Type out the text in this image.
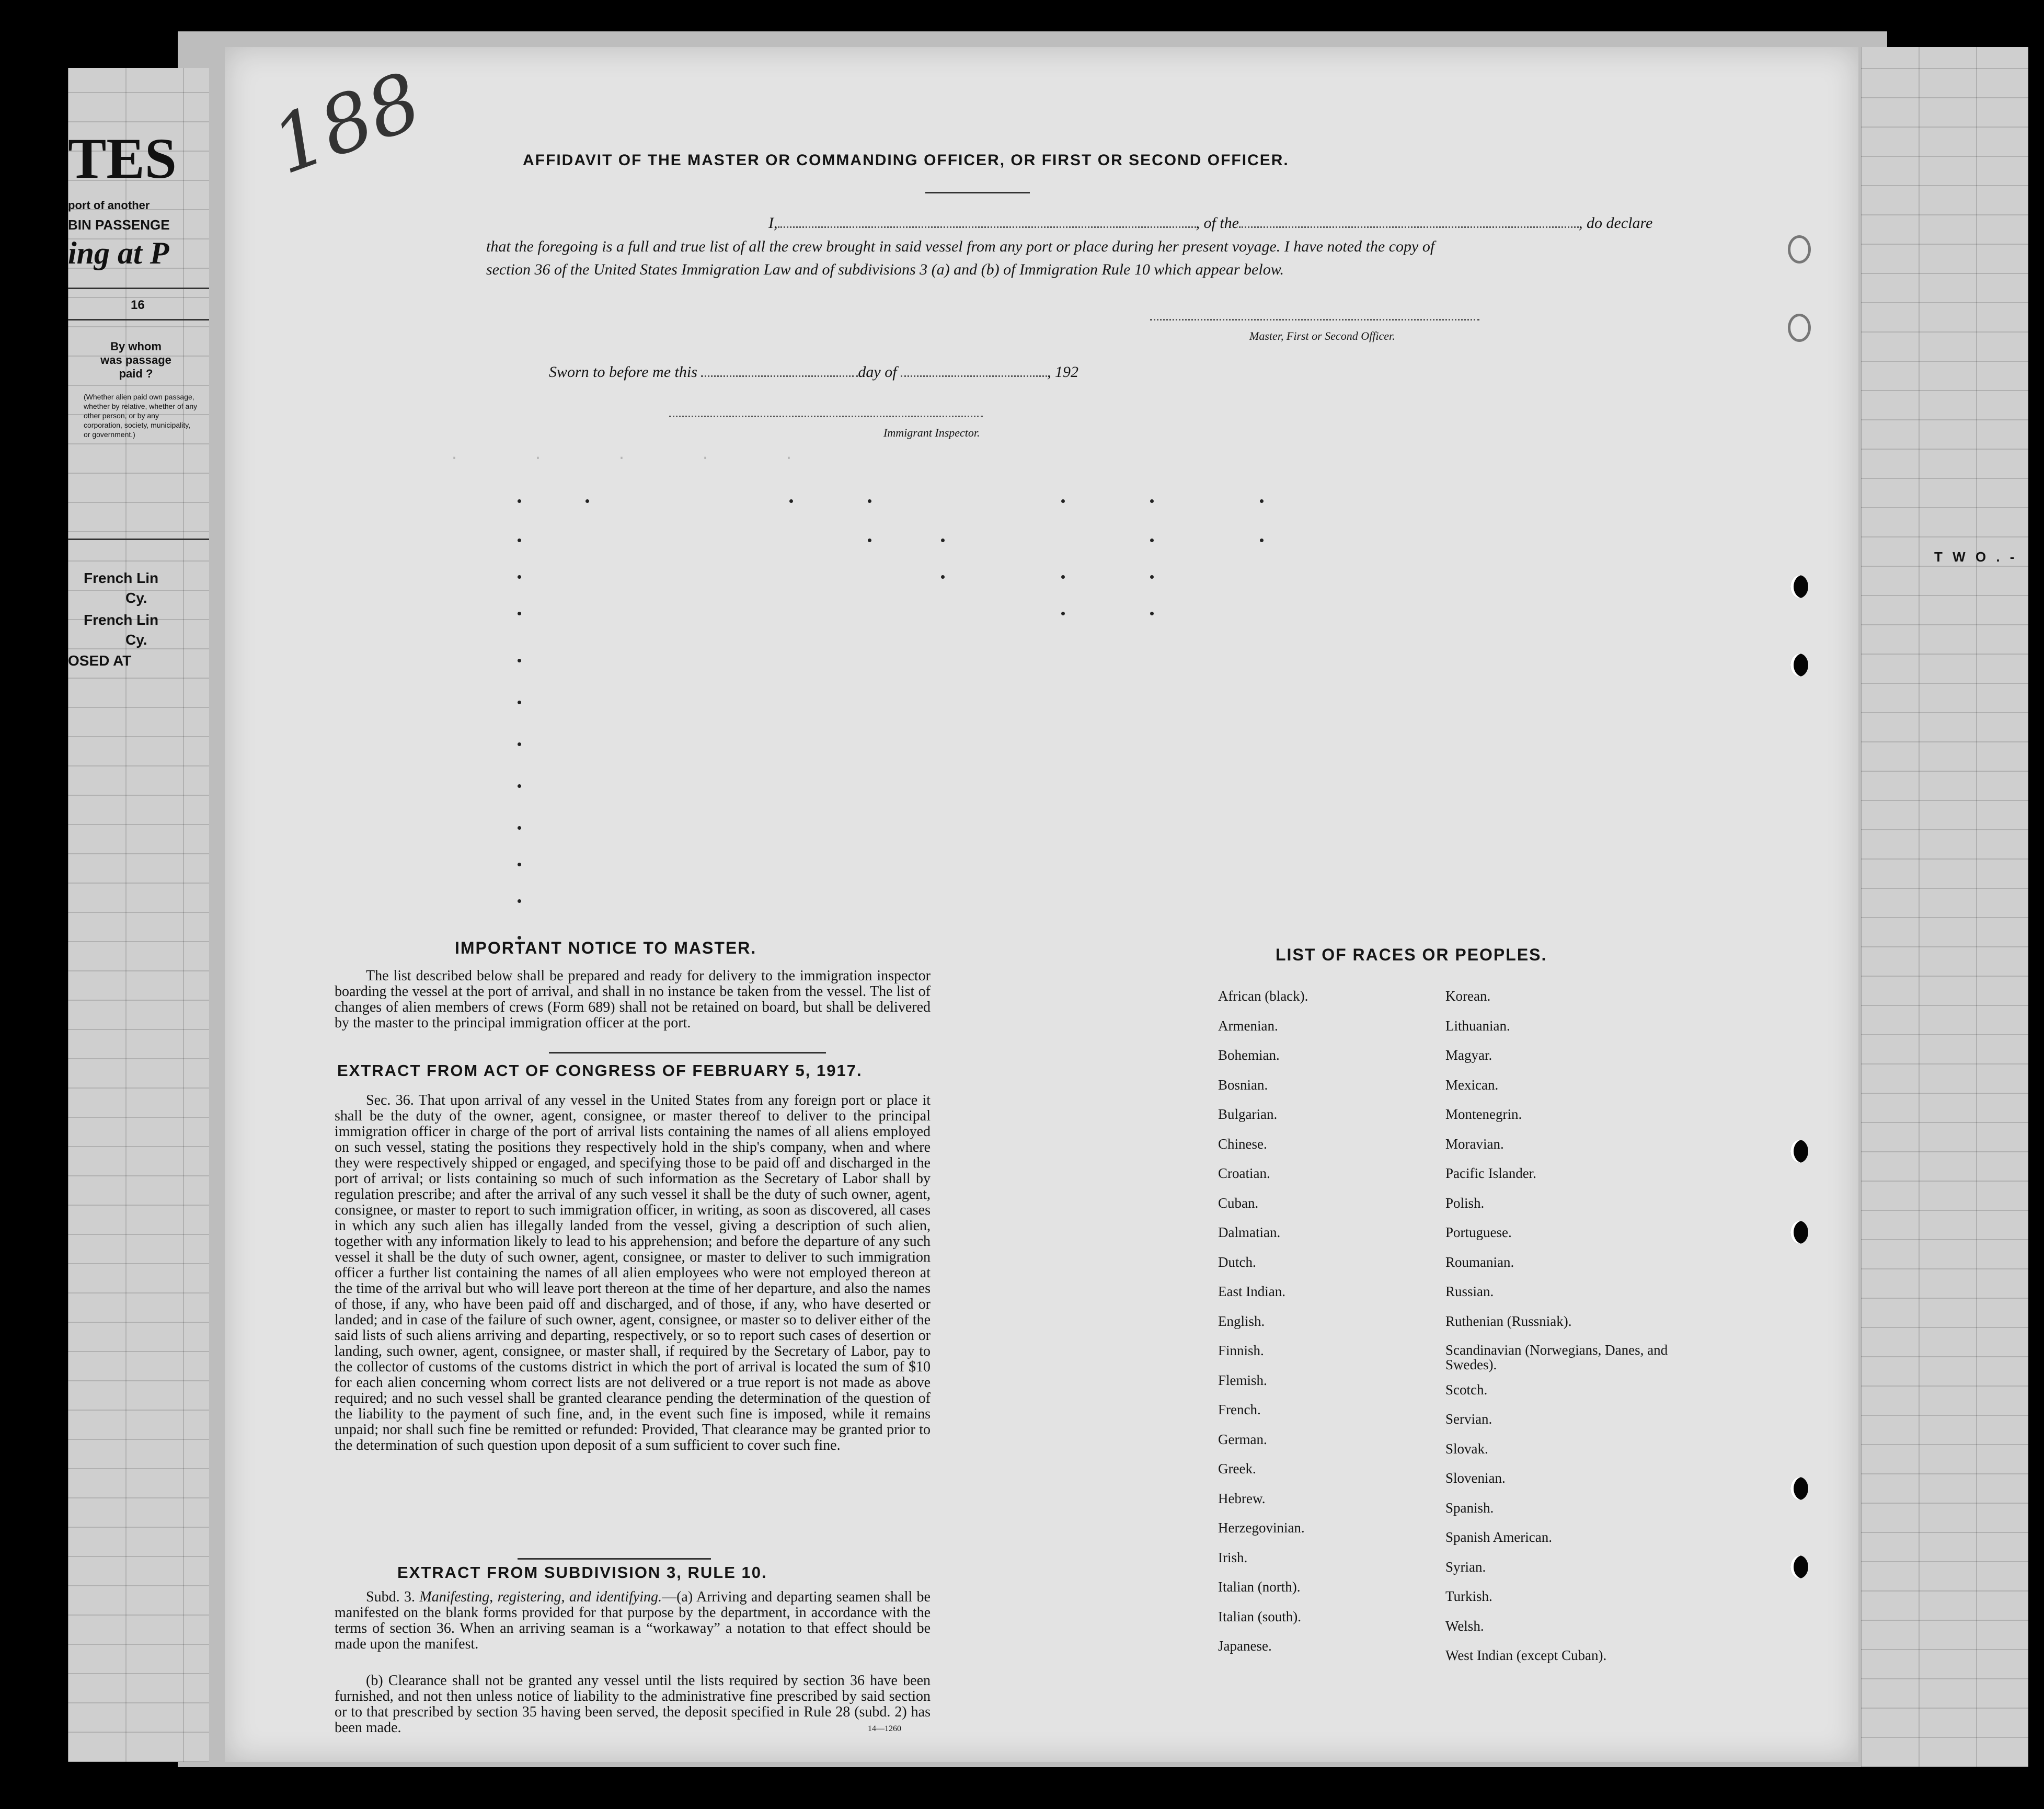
TES
port of another
BIN PASSENGE
ing at P
16
By whom was passage paid ?
(Whether alien paid own passage, whether by relative, whether of any other person, or by any corporation, society, municipality, or government.)
French Lin
Cy.
French Lin
Cy.
OSED AT
T W O . -
·    ·    ·    ·    ·
188	AFFIDAVIT OF THE MASTER OR COMMANDING OFFICER, OR FIRST OR SECOND OFFICER.
I,	, of the	, do declare
that the foregoing is a full and true list of all the crew brought in said vessel from any port or place during her present voyage. I have noted the copy of section 36 of the United States Immigration Law and of subdivisions 3 (a) and (b) of Immigration Rule 10 which appear below.
Master, First or Second Officer.
Sworn to before me this	day of	, 192
Immigrant Inspector.
IMPORTANT NOTICE TO MASTER.
The list described below shall be prepared and ready for delivery to the immigration inspector boarding the vessel at the port of arrival, and shall in no instance be taken from the vessel. The list of changes of alien members of crews (Form 689) shall not be retained on board, but shall be delivered by the master to the principal immigration officer at the port.
EXTRACT FROM ACT OF CONGRESS OF FEBRUARY 5, 1917.
Sec. 36. That upon arrival of any vessel in the United States from any foreign port or place it shall be the duty of the owner, agent, consignee, or master thereof to deliver to the principal immigration officer in charge of the port of arrival lists containing the names of all aliens employed on such vessel, stating the positions they respectively hold in the ship's company, when and where they were respectively shipped or engaged, and specifying those to be paid off and discharged in the port of arrival; or lists containing so much of such information as the Secretary of Labor shall by regulation prescribe; and after the arrival of any such vessel it shall be the duty of such owner, agent, consignee, or master to report to such immigration officer, in writing, as soon as discovered, all cases in which any such alien has illegally landed from the vessel, giving a description of such alien, together with any information likely to lead to his apprehension; and before the departure of any such vessel it shall be the duty of such owner, agent, consignee, or master to deliver to such immigration officer a further list containing the names of all alien employees who were not employed thereon at the time of the arrival but who will leave port thereon at the time of her departure, and also the names of those, if any, who have been paid off and discharged, and of those, if any, who have deserted or landed; and in case of the failure of such owner, agent, consignee, or master so to deliver either of the said lists of such aliens arriving and departing, respectively, or so to report such cases of desertion or landing, such owner, agent, consignee, or master shall, if required by the Secretary of Labor, pay to the collector of customs of the customs district in which the port of arrival is located the sum of $10 for each alien concerning whom correct lists are not delivered or a true report is not made as above required; and no such vessel shall be granted clearance pending the determination of the question of the liability to the payment of such fine, and, in the event such fine is imposed, while it remains unpaid; nor shall such fine be remitted or refunded: Provided, That clearance may be granted prior to the determination of such question upon deposit of a sum sufficient to cover such fine.
EXTRACT FROM SUBDIVISION 3, RULE 10.
Subd. 3. Manifesting, registering, and identifying.—(a) Arriving and departing seamen shall be manifested on the blank forms provided for that purpose by the department, in accordance with the terms of section 36. When an arriving seaman is a “workaway” a notation to that effect should be made upon the manifest.
(b) Clearance shall not be granted any vessel until the lists required by section 36 have been furnished, and not then unless notice of liability to the administrative fine prescribed by said section or to that prescribed by section 35 having been served, the deposit specified in Rule 28 (subd. 2) has been made.	14—1260
LIST OF RACES OR PEOPLES.
African (black).
Armenian.
Bohemian.
Bosnian.
Bulgarian.
Chinese.
Croatian.
Cuban.
Dalmatian.
Dutch.
East Indian.
English.
Finnish.
Flemish.
French.
German.
Greek.
Hebrew.
Herzegovinian.
Irish.
Italian (north).
Italian (south).
Japanese.
Korean.
Lithuanian.
Magyar.
Mexican.
Montenegrin.
Moravian.
Pacific Islander.
Polish.
Portuguese.
Roumanian.
Russian.
Ruthenian (Russniak).
Scandinavian (Norwegians, Danes, and Swedes).
Scotch.
Servian.
Slovak.
Slovenian.
Spanish.
Spanish American.
Syrian.
Turkish.
Welsh.
West Indian (except Cuban).
